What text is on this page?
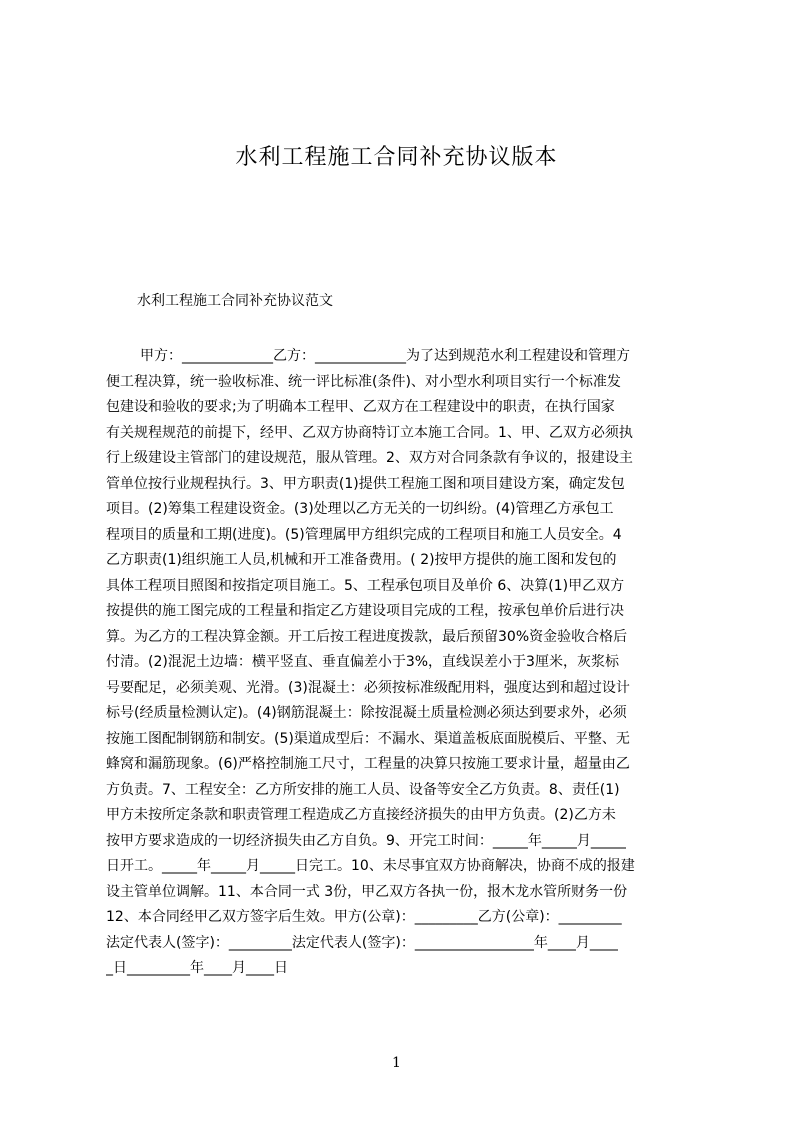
水利工程施工合同补充协议版本
水利工程施工合同补充协议范文
甲方：_____________乙方：_____________为了达到规范水利工程建设和管理方
便工程决算，统一验收标准、统一评比标准(条件)、对小型水利项目实行一个标准发
包建设和验收的要求;为了明确本工程甲、乙双方在工程建设中的职责，在执行国家
有关规程规范的前提下，经甲、乙双方协商特订立本施工合同。1、甲、乙双方必须执
行上级建设主管部门的建设规范，服从管理。2、双方对合同条款有争议的，报建设主
管单位按行业规程执行。3、甲方职责(1)提供工程施工图和项目建设方案，确定发包
项目。(2)筹集工程建设资金。(3)处理以乙方无关的一切纠纷。(4)管理乙方承包工
程项目的质量和工期(进度)。(5)管理属甲方组织完成的工程项目和施工人员安全。4
乙方职责(1)组织施工人员,机械和开工准备费用。( 2)按甲方提供的施工图和发包的
具体工程项目照图和按指定项目施工。5、工程承包项目及单价 6、决算(1)甲乙双方
按提供的施工图完成的工程量和指定乙方建设项目完成的工程，按承包单价后进行决
算。为乙方的工程决算金额。开工后按工程进度拨款，最后预留30%资金验收合格后
付清。(2)混泥土边墙：横平竖直、垂直偏差小于3%，直线误差小于3厘米，灰浆标
号要配足，必须美观、光滑。(3)混凝土：必须按标准级配用料，强度达到和超过设计
标号(经质量检测认定)。(4)钢筋混凝土：除按混凝土质量检测必须达到要求外，必须
按施工图配制钢筋和制安。(5)渠道成型后：不漏水、渠道盖板底面脱模后、平整、无
蜂窝和漏筋现象。(6)严格控制施工尺寸，工程量的决算只按施工要求计量，超量由乙
方负责。7、工程安全：乙方所安排的施工人员、设备等安全乙方负责。8、责任(1)
甲方未按所定条款和职责管理工程造成乙方直接经济损失的由甲方负责。(2)乙方未
按甲方要求造成的一切经济损失由乙方自负。9、开完工时间：_____年_____月_____
日开工。_____年_____月_____日完工。10、未尽事宜双方协商解决，协商不成的报建
设主管单位调解。11、本合同一式 3份，甲乙双方各执一份，报木龙水管所财务一份
12、本合同经甲乙双方签字后生效。甲方(公章)：_________乙方(公章)：_________
法定代表人(签字)：_________法定代表人(签字)：_________________年____月____
_日_________年____月____日
1
